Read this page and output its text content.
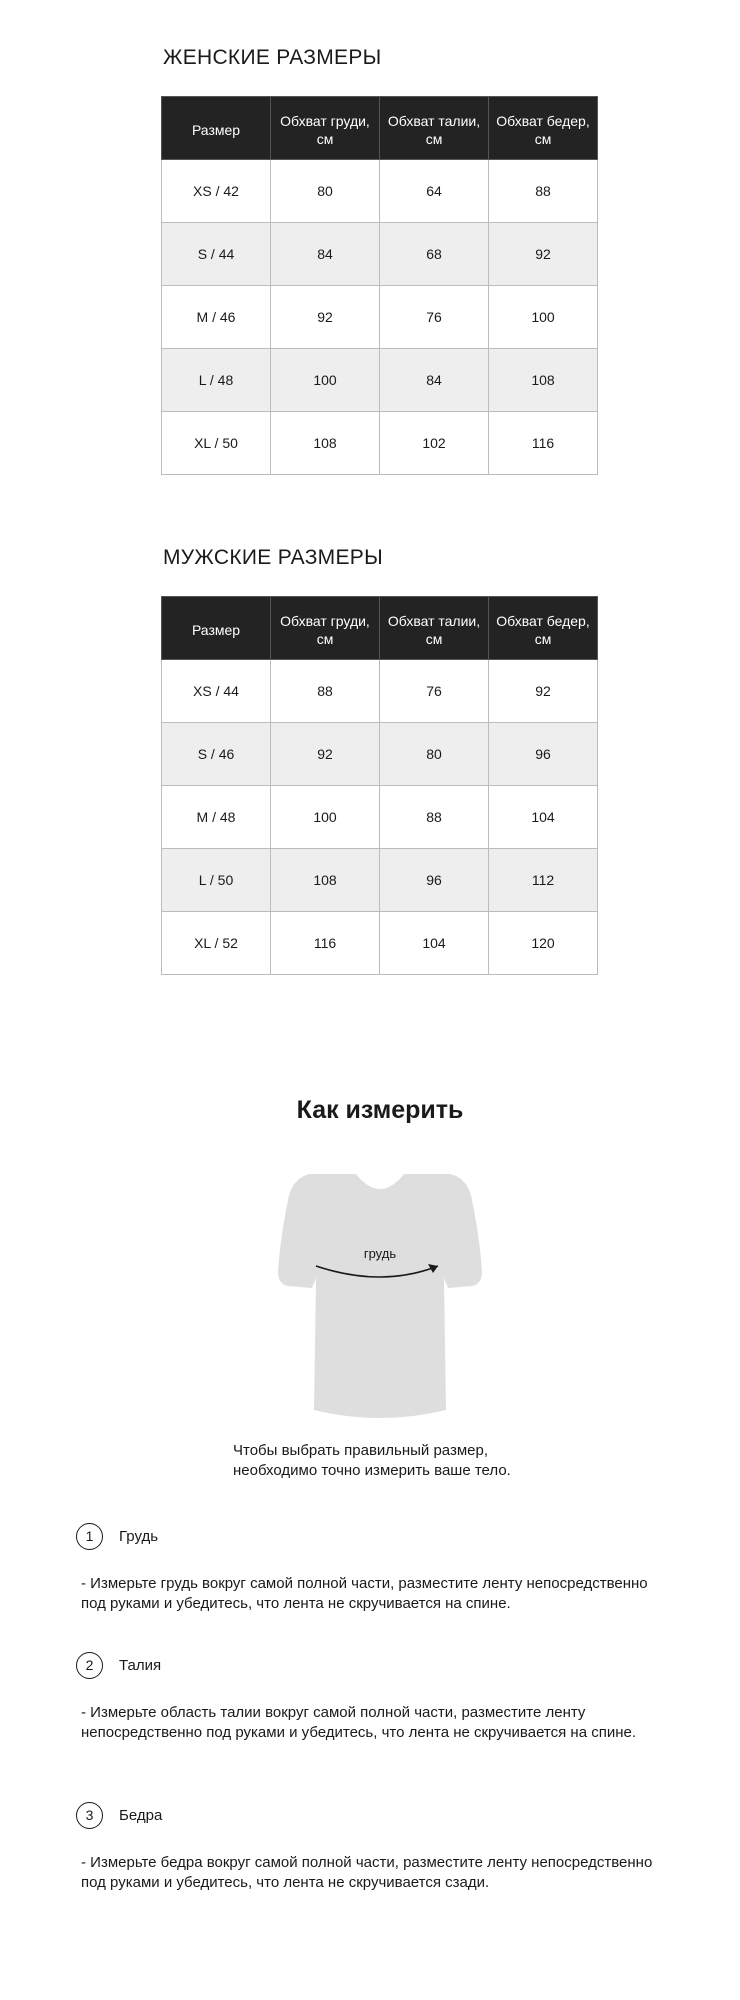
ЖЕНСКИЕ РАЗМЕРЫ
Размер	Обхват груди, см	Обхват талии, см	Обхват бедер, см
XS / 42	80	64	88
S / 44	84	68	92
M / 46	92	76	100
L / 48	100	84	108
XL / 50	108	102	116
МУЖСКИЕ РАЗМЕРЫ
Размер	Обхват груди, см	Обхват талии, см	Обхват бедер, см
XS / 44	88	76	92
S / 46	92	80	96
M / 48	100	88	104
L / 50	108	96	112
XL / 52	116	104	120
Как измерить
грудь
Чтобы выбрать правильный размер,
необходимо точно измерить ваше тело.
1	Грудь
- Измерьте грудь вокруг самой полной части, разместите ленту непосредственно
под руками и убедитесь, что лента не скручивается на спине.
2	Талия
- Измерьте область талии вокруг самой полной части, разместите ленту
непосредственно под руками и убедитесь, что лента не скручивается на спине.
3	Бедра
- Измерьте бедра вокруг самой полной части, разместите ленту непосредственно
под руками и убедитесь, что лента не скручивается сзади.
